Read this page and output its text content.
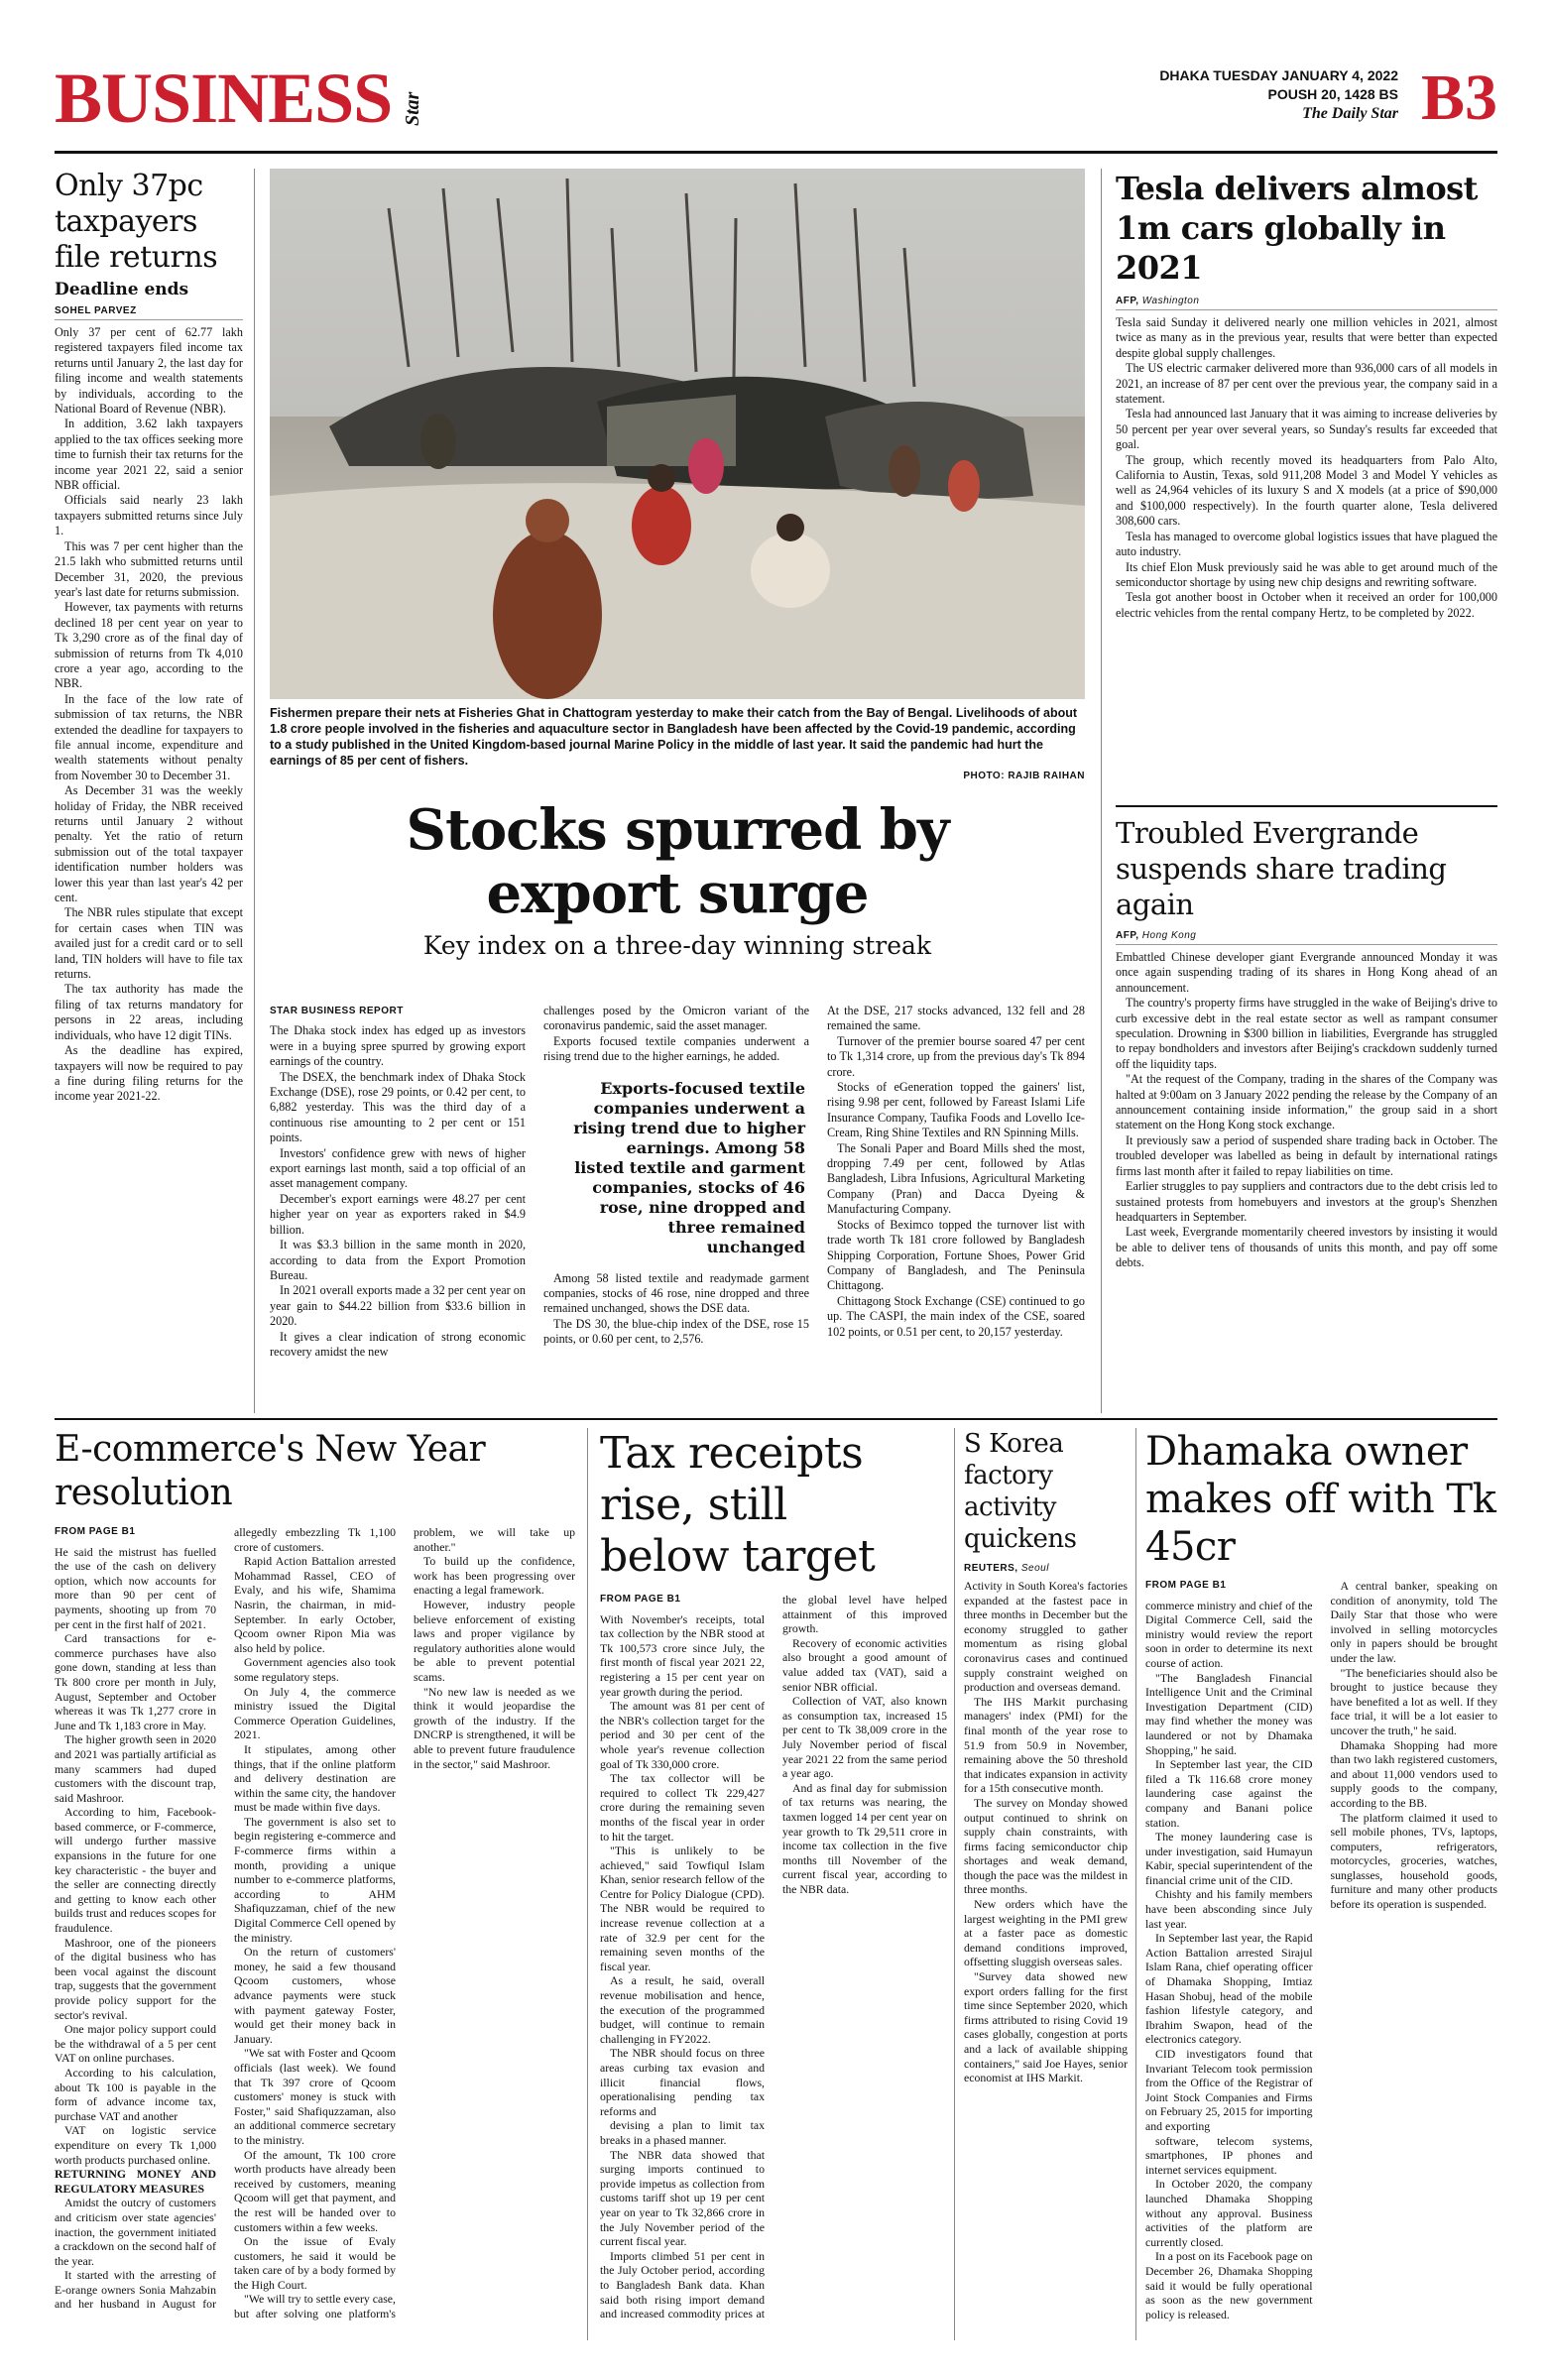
BUSINESS Star
DHAKA TUESDAY JANUARY 4, 2022
POUSH 20, 1428 BS
The Daily Star B3
Only 37pc taxpayers file returns
Deadline ends
SOHEL PARVEZ

Only 37 per cent of 62.77 lakh registered taxpayers filed income tax returns until January 2, the last day for filing income and wealth statements by individuals, according to the National Board of Revenue (NBR).

In addition, 3.62 lakh taxpayers applied to the tax offices seeking more time to furnish their tax returns for the income year 2021 22, said a senior NBR official.

Officials said nearly 23 lakh taxpayers submitted returns since July 1.

This was 7 per cent higher than the 21.5 lakh who submitted returns until December 31, 2020, the previous year's last date for returns submission.

However, tax payments with returns declined 18 per cent year on year to Tk 3,290 crore as of the final day of submission of returns from Tk 4,010 crore a year ago, according to the NBR.

In the face of the low rate of submission of tax returns, the NBR extended the deadline for taxpayers to file annual income, expenditure and wealth statements without penalty from November 30 to December 31.

As December 31 was the weekly holiday of Friday, the NBR received returns until January 2 without penalty. Yet the ratio of return submission out of the total taxpayer identification number holders was lower this year than last year's 42 per cent.

The NBR rules stipulate that except for certain cases when TIN was availed just for a credit card or to sell land, TIN holders will have to file tax returns.

The tax authority has made the filing of tax returns mandatory for persons in 22 areas, including individuals, who have 12 digit TINs.

As the deadline has expired, taxpayers will now be required to pay a fine during filing returns for the income year 2021-22.

Fishermen prepare their nets at Fisheries Ghat in Chattogram yesterday to make their catch from the Bay of Bengal. Livelihoods of about 1.8 crore people involved in the fisheries and aquaculture sector in Bangladesh have been affected by the Covid-19 pandemic, according to a study published in the United Kingdom-based journal Marine Policy in the middle of last year. It said the pandemic had hurt the earnings of 85 per cent of fishers.
PHOTO: RAJIB RAIHAN
Stocks spurred by export surge
Key index on a three-day winning streak
STAR BUSINESS REPORT

The Dhaka stock index has edged up as investors were in a buying spree spurred by growing export earnings of the country.

The DSEX, the benchmark index of Dhaka Stock Exchange (DSE), rose 29 points, or 0.42 per cent, to 6,882 yesterday. This was the third day of a continuous rise amounting to 2 per cent or 151 points.

Investors' confidence grew with news of higher export earnings last month, said a top official of an asset management company.

December's export earnings were 48.27 per cent higher year on year as exporters raked in $4.9 billion.

It was $3.3 billion in the same month in 2020, according to data from the Export Promotion Bureau.

In 2021 overall exports made a 32 per cent year on year gain to $44.22 billion from $33.6 billion in 2020.

It gives a clear indication of strong economic recovery amidst the new

challenges posed by the Omicron variant of the coronavirus pandemic, said the asset manager.

Exports focused textile companies underwent a rising trend due to the higher earnings, he added.

Exports-focused textile companies underwent a rising trend due to higher earnings. Among 58 listed textile and garment companies, stocks of 46 rose, nine dropped and three remained unchanged

Among 58 listed textile and readymade garment companies, stocks of 46 rose, nine dropped and three remained unchanged, shows the DSE data.

The DS 30, the blue-chip index of the DSE, rose 15 points, or 0.60 per cent, to 2,576.

At the DSE, 217 stocks advanced, 132 fell and 28 remained the same.

Turnover of the premier bourse soared 47 per cent to Tk 1,314 crore, up from the previous day's Tk 894 crore.

Stocks of eGeneration topped the gainers' list, rising 9.98 per cent, followed by Fareast Islami Life Insurance Company, Taufika Foods and Lovello Ice-Cream, Ring Shine Textiles and RN Spinning Mills.

The Sonali Paper and Board Mills shed the most, dropping 7.49 per cent, followed by Atlas Bangladesh, Libra Infusions, Agricultural Marketing Company (Pran) and Dacca Dyeing & Manufacturing Company.

Stocks of Beximco topped the turnover list with trade worth Tk 181 crore followed by Bangladesh Shipping Corporation, Fortune Shoes, Power Grid Company of Bangladesh, and The Peninsula Chittagong.

Chittagong Stock Exchange (CSE) continued to go up. The CASPI, the main index of the CSE, soared 102 points, or 0.51 per cent, to 20,157 yesterday.

Tesla delivers almost 1m cars globally in 2021
AFP, Washington

Tesla said Sunday it delivered nearly one million vehicles in 2021, almost twice as many as in the previous year, results that were better than expected despite global supply challenges.

The US electric carmaker delivered more than 936,000 cars of all models in 2021, an increase of 87 per cent over the previous year, the company said in a statement.

Tesla had announced last January that it was aiming to increase deliveries by 50 percent per year over several years, so Sunday's results far exceeded that goal.

The group, which recently moved its headquarters from Palo Alto, California to Austin, Texas, sold 911,208 Model 3 and Model Y vehicles as well as 24,964 vehicles of its luxury S and X models (at a price of $90,000 and $100,000 respectively). In the fourth quarter alone, Tesla delivered 308,600 cars.

Tesla has managed to overcome global logistics issues that have plagued the auto industry.

Its chief Elon Musk previously said he was able to get around much of the semiconductor shortage by using new chip designs and rewriting software.

Tesla got another boost in October when it received an order for 100,000 electric vehicles from the rental company Hertz, to be completed by 2022.

Troubled Evergrande suspends share trading again
AFP, Hong Kong

Embattled Chinese developer giant Evergrande announced Monday it was once again suspending trading of its shares in Hong Kong ahead of an announcement.

The country's property firms have struggled in the wake of Beijing's drive to curb excessive debt in the real estate sector as well as rampant consumer speculation. Drowning in $300 billion in liabilities, Evergrande has struggled to repay bondholders and investors after Beijing's crackdown suddenly turned off the liquidity taps.

"At the request of the Company, trading in the shares of the Company was halted at 9:00am on 3 January 2022 pending the release by the Company of an announcement containing inside information," the group said in a short statement on the Hong Kong stock exchange.

It previously saw a period of suspended share trading back in October. The troubled developer was labelled as being in default by international ratings firms last month after it failed to repay liabilities on time.

Earlier struggles to pay suppliers and contractors due to the debt crisis led to sustained protests from homebuyers and investors at the group's Shenzhen headquarters in September.

Last week, Evergrande momentarily cheered investors by insisting it would be able to deliver tens of thousands of units this month, and pay off some debts.

E-commerce's New Year resolution
FROM PAGE B1

He said the mistrust has fuelled the use of the cash on delivery option, which now accounts for more than 90 per cent of payments, shooting up from 70 per cent in the first half of 2021.

Card transactions for e-commerce purchases have also gone down, standing at less than Tk 800 crore per month in July, August, September and October whereas it was Tk 1,277 crore in June and Tk 1,183 crore in May.

The higher growth seen in 2020 and 2021 was partially artificial as many scammers had duped customers with the discount trap, said Mashroor.

According to him, Facebook-based commerce, or F-commerce, will undergo further massive expansions in the future for one key characteristic - the buyer and the seller are connecting directly and getting to know each other builds trust and reduces scopes for fraudulence.

Mashroor, one of the pioneers of the digital business who has been vocal against the discount trap, suggests that the government provide policy support for the sector's revival.

One major policy support could be the withdrawal of a 5 per cent VAT on online purchases.

According to his calculation, about Tk 100 is payable in the form of advance income tax, purchase VAT and another

VAT on logistic service expenditure on every Tk 1,000 worth products purchased online.

RETURNING MONEY AND REGULATORY MEASURES

Amidst the outcry of customers and criticism over state agencies' inaction, the government initiated a crackdown on the second half of the year.

It started with the arresting of E-orange owners Sonia Mahzabin and her husband in August for allegedly embezzling Tk 1,100 crore of customers.

Rapid Action Battalion arrested Mohammad Rassel, CEO of Evaly, and his wife, Shamima Nasrin, the chairman, in mid-September. In early October, Qcoom owner Ripon Mia was also held by police.

Government agencies also took some regulatory steps.

On July 4, the commerce ministry issued the Digital Commerce Operation Guidelines, 2021.

It stipulates, among other things, that if the online platform and delivery destination are within the same city, the handover must be made within five days.

The government is also set to begin registering e-commerce and F-commerce firms within a month, providing a unique number to e-commerce platforms, according to AHM Shafiquzzaman, chief of the new Digital Commerce Cell opened by the ministry.

On the return of customers' money, he said a few thousand Qcoom customers, whose advance payments were stuck with payment gateway Foster, would get their money back in January.

"We sat with Foster and Qcoom officials (last week). We found that Tk 397 crore of Qcoom customers' money is stuck with Foster," said Shafiquzzaman, also an additional commerce secretary to the ministry.

Of the amount, Tk 100 crore worth products have already been received by customers, meaning Qcoom will get that payment, and the rest will be handed over to customers within a few weeks.

On the issue of Evaly customers, he said it would be taken care of by a body formed by the High Court.

"We will try to settle every case, but after solving one platform's problem, we will take up another."

To build up the confidence, work has been progressing over enacting a legal framework.

However, industry people believe enforcement of existing laws and proper vigilance by regulatory authorities alone would be able to prevent potential scams.

"No new law is needed as we think it would jeopardise the growth of the industry. If the DNCRP is strengthened, it will be able to prevent future fraudulence in the sector," said Mashroor.

Tax receipts rise, still below target
FROM PAGE B1

With November's receipts, total tax collection by the NBR stood at Tk 100,573 crore since July, the first month of fiscal year 2021 22, registering a 15 per cent year on year growth during the period.

The amount was 81 per cent of the NBR's collection target for the period and 30 per cent of the whole year's revenue collection goal of Tk 330,000 crore.

The tax collector will be required to collect Tk 229,427 crore during the remaining seven months of the fiscal year in order to hit the target.

"This is unlikely to be achieved," said Towfiqul Islam Khan, senior research fellow of the Centre for Policy Dialogue (CPD). The NBR would be required to increase revenue collection at a rate of 32.9 per cent for the remaining seven months of the fiscal year.

As a result, he said, overall revenue mobilisation and hence, the execution of the programmed budget, will continue to remain challenging in FY2022.

The NBR should focus on three areas curbing tax evasion and illicit financial flows, operationalising pending tax reforms and

devising a plan to limit tax breaks in a phased manner.

The NBR data showed that surging imports continued to provide impetus as collection from customs tariff shot up 19 per cent year on year to Tk 32,866 crore in the July November period of the current fiscal year.

Imports climbed 51 per cent in the July October period, according to Bangladesh Bank data. Khan said both rising import demand and increased commodity prices at the global level have helped attainment of this improved growth.

Recovery of economic activities also brought a good amount of value added tax (VAT), said a senior NBR official.

Collection of VAT, also known as consumption tax, increased 15 per cent to Tk 38,009 crore in the July November period of fiscal year 2021 22 from the same period a year ago.

And as final day for submission of tax returns was nearing, the taxmen logged 14 per cent year on year growth to Tk 29,511 crore in income tax collection in the five months till November of the current fiscal year, according to the NBR data.

S Korea factory activity quickens
REUTERS, Seoul

Activity in South Korea's factories expanded at the fastest pace in three months in December but the economy struggled to gather momentum as rising global coronavirus cases and continued supply constraint weighed on production and overseas demand.

The IHS Markit purchasing managers' index (PMI) for the final month of the year rose to 51.9 from 50.9 in November, remaining above the 50 threshold that indicates expansion in activity for a 15th consecutive month.

The survey on Monday showed output continued to shrink on supply chain constraints, with firms facing semiconductor chip shortages and weak demand, though the pace was the mildest in three months.

New orders which have the largest weighting in the PMI grew at a faster pace as domestic demand conditions improved, offsetting sluggish overseas sales.

"Survey data showed new export orders falling for the first time since September 2020, which firms attributed to rising Covid 19 cases globally, congestion at ports and a lack of available shipping containers," said Joe Hayes, senior economist at IHS Markit.

Dhamaka owner makes off with Tk 45cr
FROM PAGE B1

commerce ministry and chief of the Digital Commerce Cell, said the ministry would review the report soon in order to determine its next course of action.

"The Bangladesh Financial Intelligence Unit and the Criminal Investigation Department (CID) may find whether the money was laundered or not by Dhamaka Shopping," he said.

In September last year, the CID filed a Tk 116.68 crore money laundering case against the company and Banani police station.

The money laundering case is under investigation, said Humayun Kabir, special superintendent of the financial crime unit of the CID.

Chishty and his family members have been absconding since July last year.

In September last year, the Rapid Action Battalion arrested Sirajul Islam Rana, chief operating officer of Dhamaka Shopping, Imtiaz Hasan Shobuj, head of the mobile fashion lifestyle category, and Ibrahim Swapon, head of the electronics category.

CID investigators found that Invariant Telecom took permission from the Office of the Registrar of Joint Stock Companies and Firms on February 25, 2015 for importing and exporting

software, telecom systems, smartphones, IP phones and internet services equipment.

In October 2020, the company launched Dhamaka Shopping without any approval. Business activities of the platform are currently closed.

In a post on its Facebook page on December 26, Dhamaka Shopping said it would be fully operational as soon as the new government policy is released.

A central banker, speaking on condition of anonymity, told The Daily Star that those who were involved in selling motorcycles only in papers should be brought under the law.

"The beneficiaries should also be brought to justice because they have benefited a lot as well. If they face trial, it will be a lot easier to uncover the truth," he said.

Dhamaka Shopping had more than two lakh registered customers, and about 11,000 vendors used to supply goods to the company, according to the BB.

The platform claimed it used to sell mobile phones, TVs, laptops, computers, refrigerators, motorcycles, groceries, watches, sunglasses, household goods, furniture and many other products before its operation is suspended.
